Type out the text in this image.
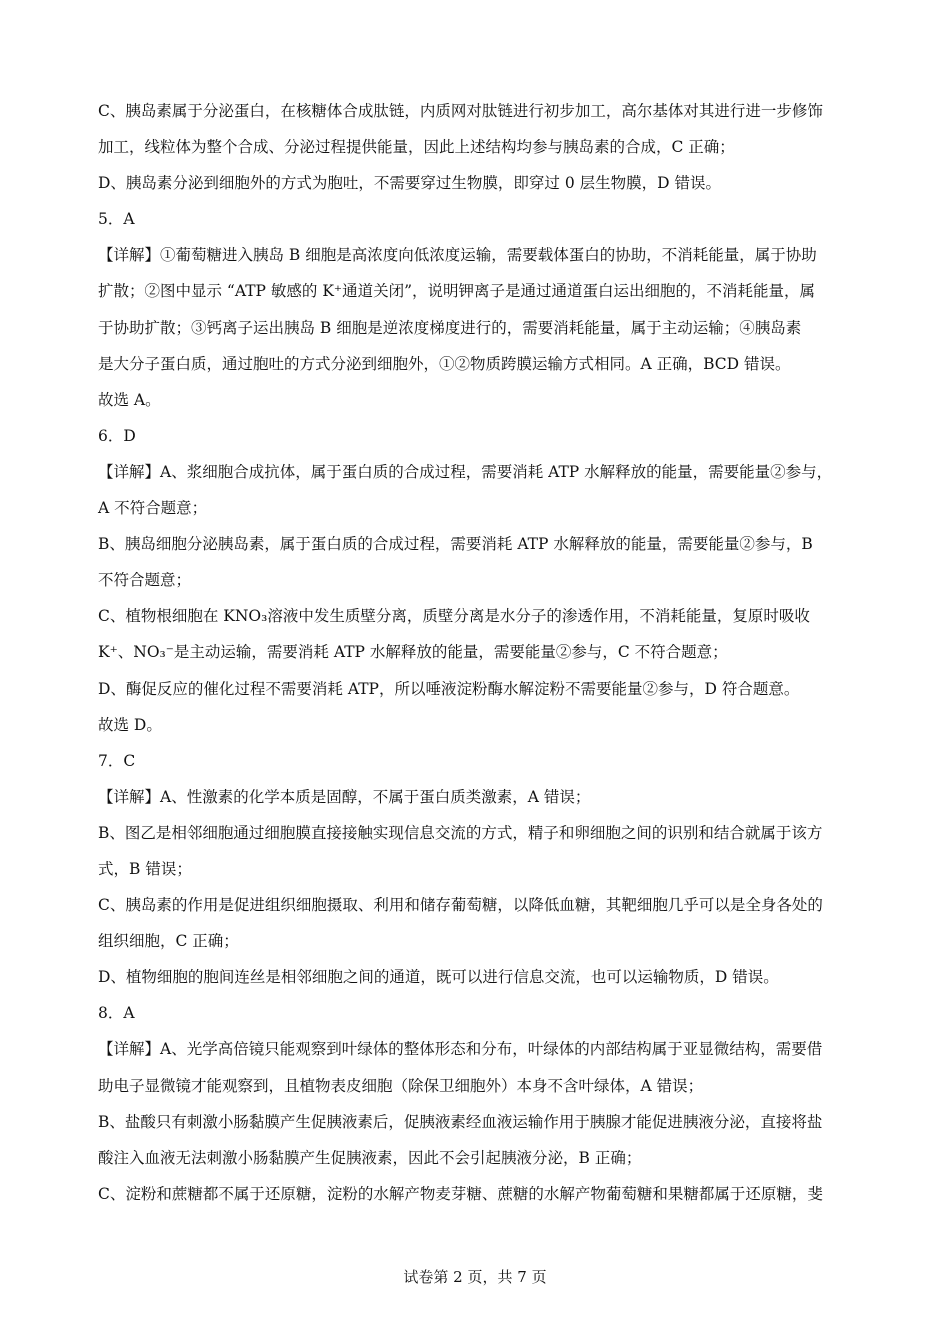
C、胰岛素属于分泌蛋白，在核糖体合成肽链，内质网对肽链进行初步加工，高尔基体对其进行进一步修饰

加工，线粒体为整个合成、分泌过程提供能量，因此上述结构均参与胰岛素的合成，C 正确；

D、胰岛素分泌到细胞外的方式为胞吐，不需要穿过生物膜，即穿过 0 层生物膜，D 错误。

5．A

【详解】①葡萄糖进入胰岛 B 细胞是高浓度向低浓度运输，需要载体蛋白的协助，不消耗能量，属于协助

扩散；②图中显示 “ATP 敏感的 K⁺通道关闭”，说明钾离子是通过通道蛋白运出细胞的，不消耗能量，属

于协助扩散；③钙离子运出胰岛 B 细胞是逆浓度梯度进行的，需要消耗能量，属于主动运输；④胰岛素

是大分子蛋白质，通过胞吐的方式分泌到细胞外，①②物质跨膜运输方式相同。A 正确，BCD 错误。

故选 A。

6．D

【详解】A、浆细胞合成抗体，属于蛋白质的合成过程，需要消耗 ATP 水解释放的能量，需要能量②参与，

A 不符合题意；

B、胰岛细胞分泌胰岛素，属于蛋白质的合成过程，需要消耗 ATP 水解释放的能量，需要能量②参与，B

不符合题意；

C、植物根细胞在 KNO₃溶液中发生质壁分离，质壁分离是水分子的渗透作用，不消耗能量，复原时吸收

K⁺、NO₃⁻是主动运输，需要消耗 ATP 水解释放的能量，需要能量②参与，C 不符合题意；

D、酶促反应的催化过程不需要消耗 ATP，所以唾液淀粉酶水解淀粉不需要能量②参与，D 符合题意。

故选 D。

7．C

【详解】A、性激素的化学本质是固醇，不属于蛋白质类激素，A 错误；

B、图乙是相邻细胞通过细胞膜直接接触实现信息交流的方式，精子和卵细胞之间的识别和结合就属于该方

式，B 错误；

C、胰岛素的作用是促进组织细胞摄取、利用和储存葡萄糖，以降低血糖，其靶细胞几乎可以是全身各处的

组织细胞，C 正确；

D、植物细胞的胞间连丝是相邻细胞之间的通道，既可以进行信息交流，也可以运输物质，D 错误。

8．A

【详解】A、光学高倍镜只能观察到叶绿体的整体形态和分布，叶绿体的内部结构属于亚显微结构，需要借

助电子显微镜才能观察到，且植物表皮细胞（除保卫细胞外）本身不含叶绿体，A 错误；

B、盐酸只有刺激小肠黏膜产生促胰液素后，促胰液素经血液运输作用于胰腺才能促进胰液分泌，直接将盐

酸注入血液无法刺激小肠黏膜产生促胰液素，因此不会引起胰液分泌，B 正确；

C、淀粉和蔗糖都不属于还原糖，淀粉的水解产物麦芽糖、蔗糖的水解产物葡萄糖和果糖都属于还原糖，斐

试卷第 2 页，共 7 页
